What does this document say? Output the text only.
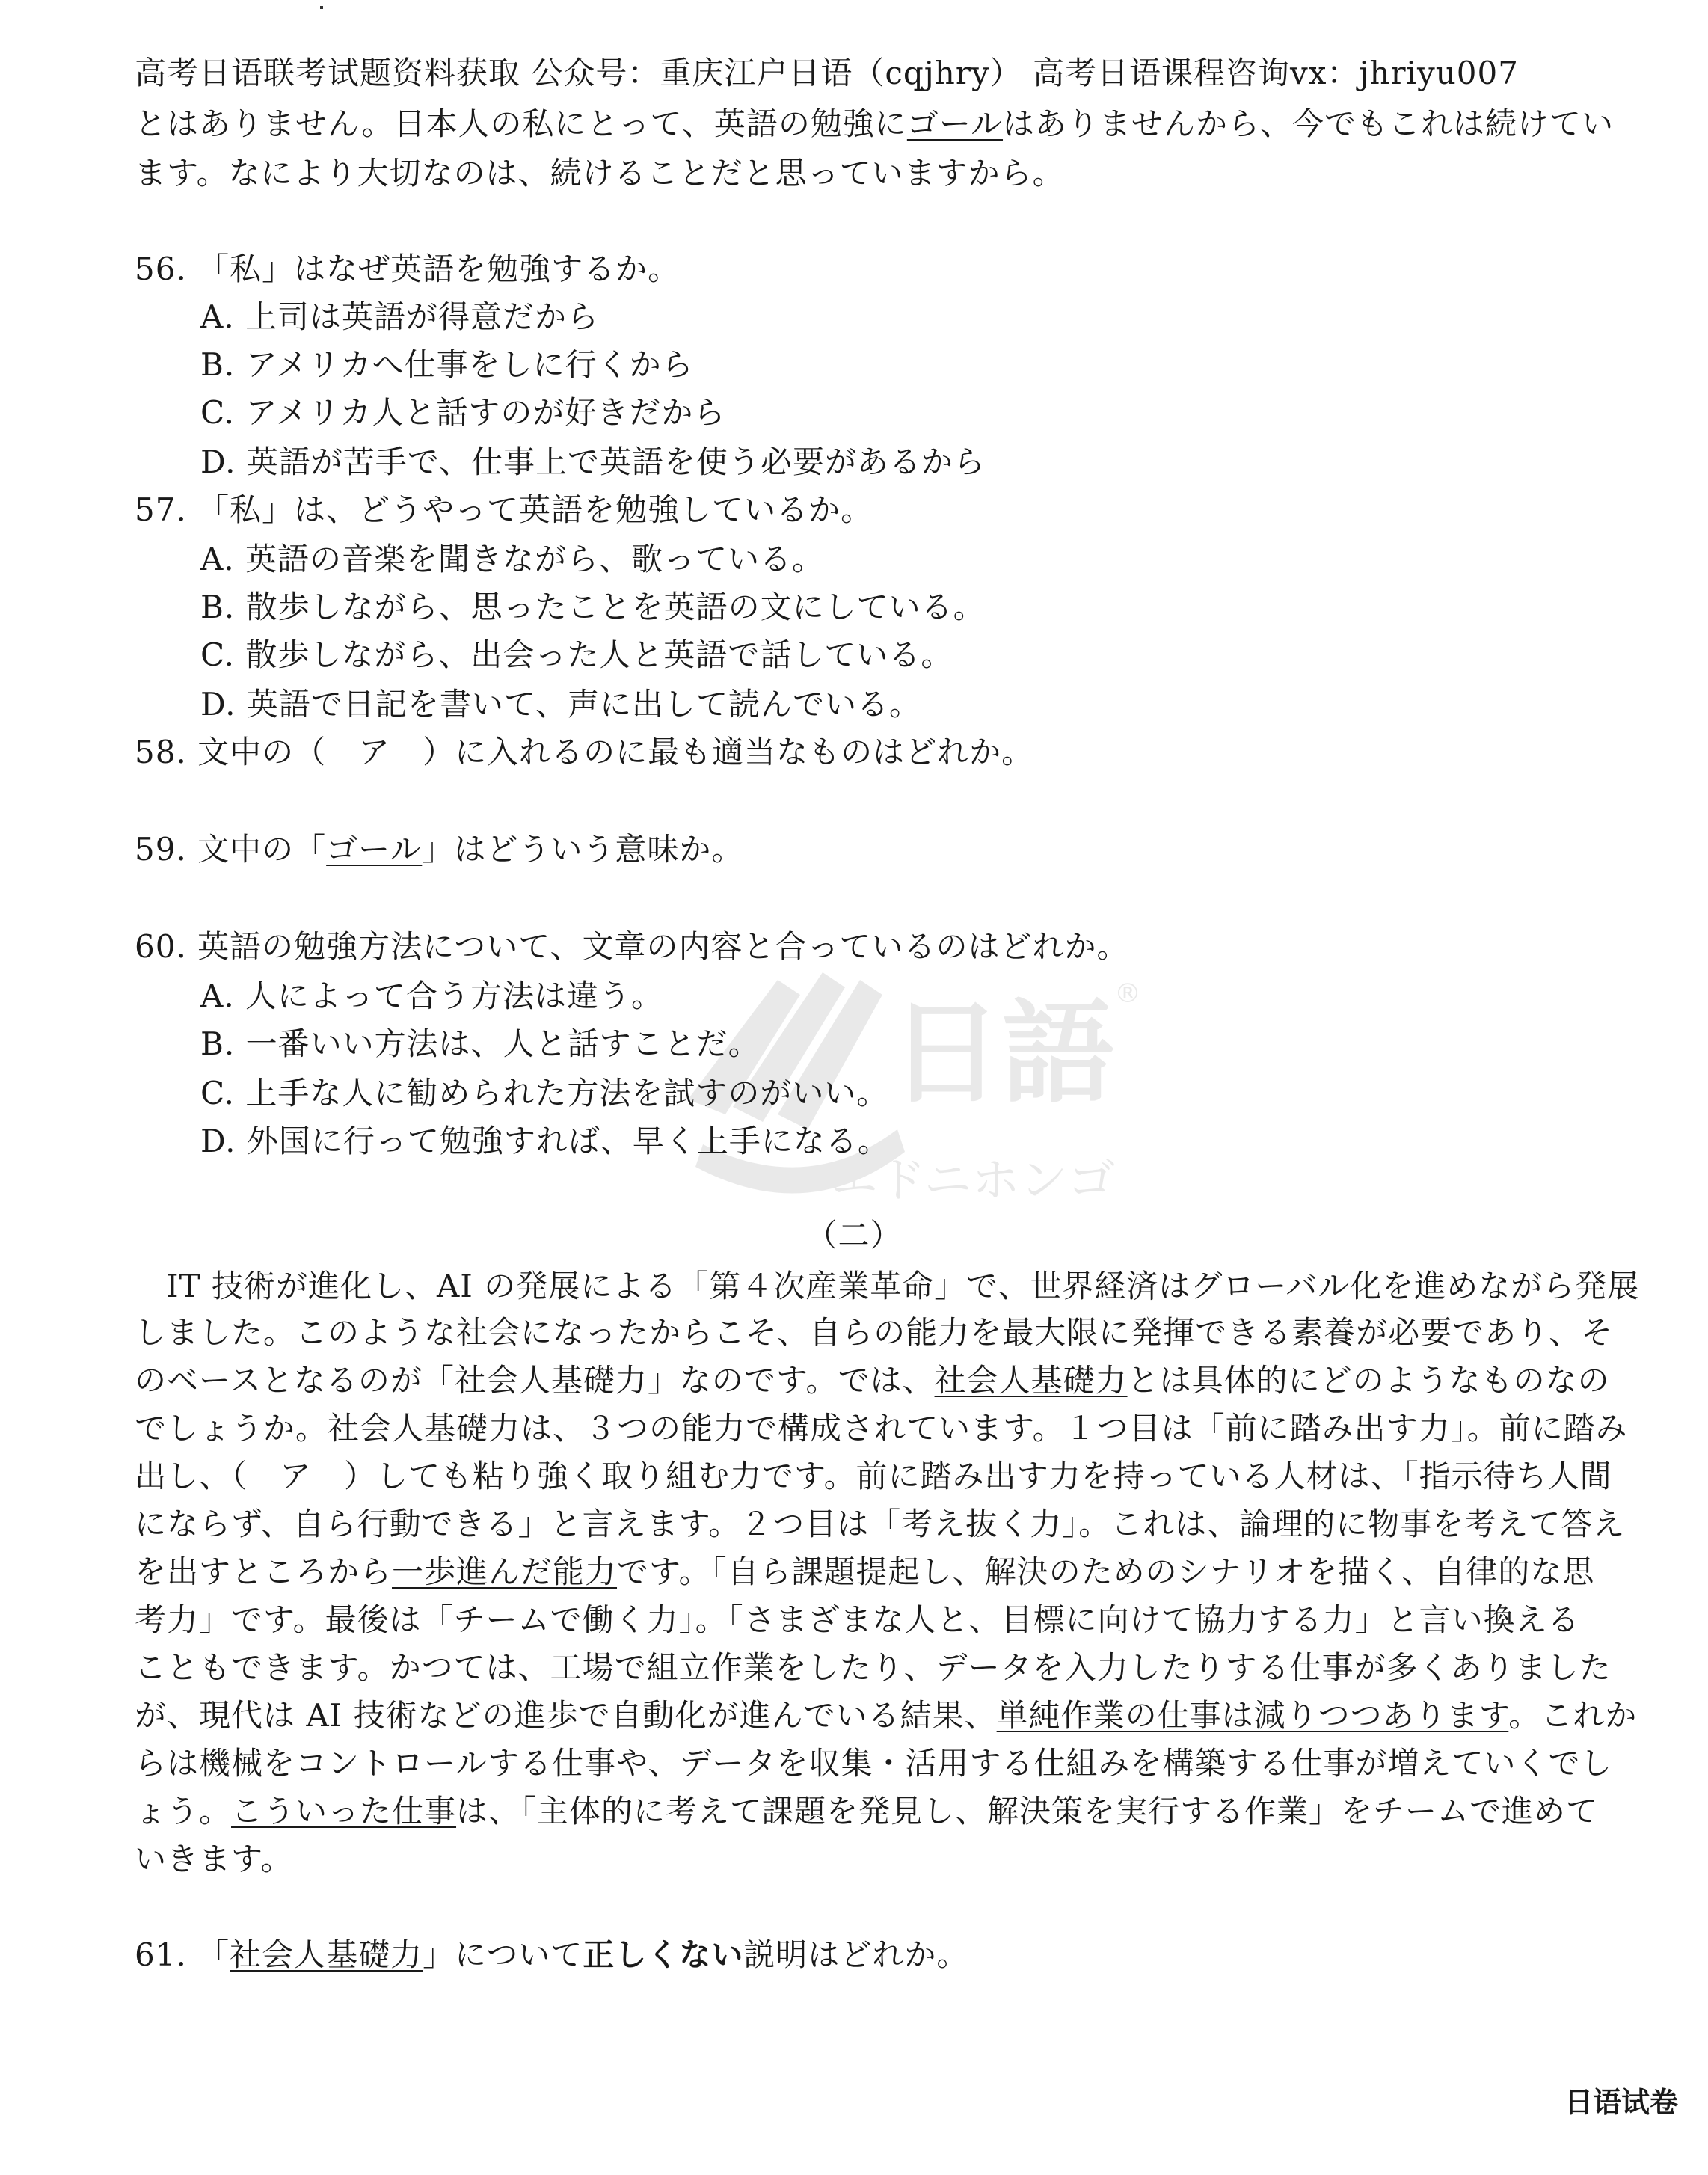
日語 ®
エドニホンゴ
高考日语联考试题资料获取 公众号：重庆江户日语（cqjhry） 高考日语课程咨询vx：jhriyu007
とはありません。日本人の私にとって、英語の勉強にゴールはありませんから、今でもこれは続けてい
ます。なにより大切なのは、続けることだと思っていますから。
56. 「私」はなぜ英語を勉強するか。
A. 上司は英語が得意だから
B. アメリカへ仕事をしに行くから
C. アメリカ人と話すのが好きだから
D. 英語が苦手で、仕事上で英語を使う必要があるから
57. 「私」は、どうやって英語を勉強しているか。
A. 英語の音楽を聞きながら、歌っている。
B. 散歩しながら、思ったことを英語の文にしている。
C. 散歩しながら、出会った人と英語で話している。
D. 英語で日記を書いて、声に出して読んでいる。
58. 文中の（　ア　）に入れるのに最も適当なものはどれか。
59. 文中の「ゴール」はどういう意味か。
60. 英語の勉強方法について、文章の内容と合っているのはどれか。
A. 人によって合う方法は違う。
B. 一番いい方法は、人と話すことだ。
C. 上手な人に勧められた方法を試すのがいい。
D. 外国に行って勉強すれば、早く上手になる。
（二）
IT 技術が進化し、AI の発展による「第４次産業革命」で、世界経済はグローバル化を進めながら発展
しました。このような社会になったからこそ、自らの能力を最大限に発揮できる素養が必要であり、そ
のベースとなるのが「社会人基礎力」なのです。では、社会人基礎力とは具体的にどのようなものなの
でしょうか。社会人基礎力は、３つの能力で構成されています。１つ目は「前に踏み出す力」。前に踏み
出し、（　ア　）しても粘り強く取り組む力です。前に踏み出す力を持っている人材は、「指示待ち人間
にならず、自ら行動できる」と言えます。２つ目は「考え抜く力」。これは、論理的に物事を考えて答え
を出すところから一歩進んだ能力です。「自ら課題提起し、解決のためのシナリオを描く、自律的な思
考力」です。最後は「チームで働く力」。「さまざまな人と、目標に向けて協力する力」と言い換える
こともできます。かつては、工場で組立作業をしたり、データを入力したりする仕事が多くありました
が、現代は AI 技術などの進歩で自動化が進んでいる結果、単純作業の仕事は減りつつあります。これか
らは機械をコントロールする仕事や、データを収集・活用する仕組みを構築する仕事が増えていくでし
ょう。こういった仕事は、「主体的に考えて課題を発見し、解決策を実行する作業」をチームで進めて
いきます。
61. 「社会人基礎力」について正しくない説明はどれか。
日语试卷
